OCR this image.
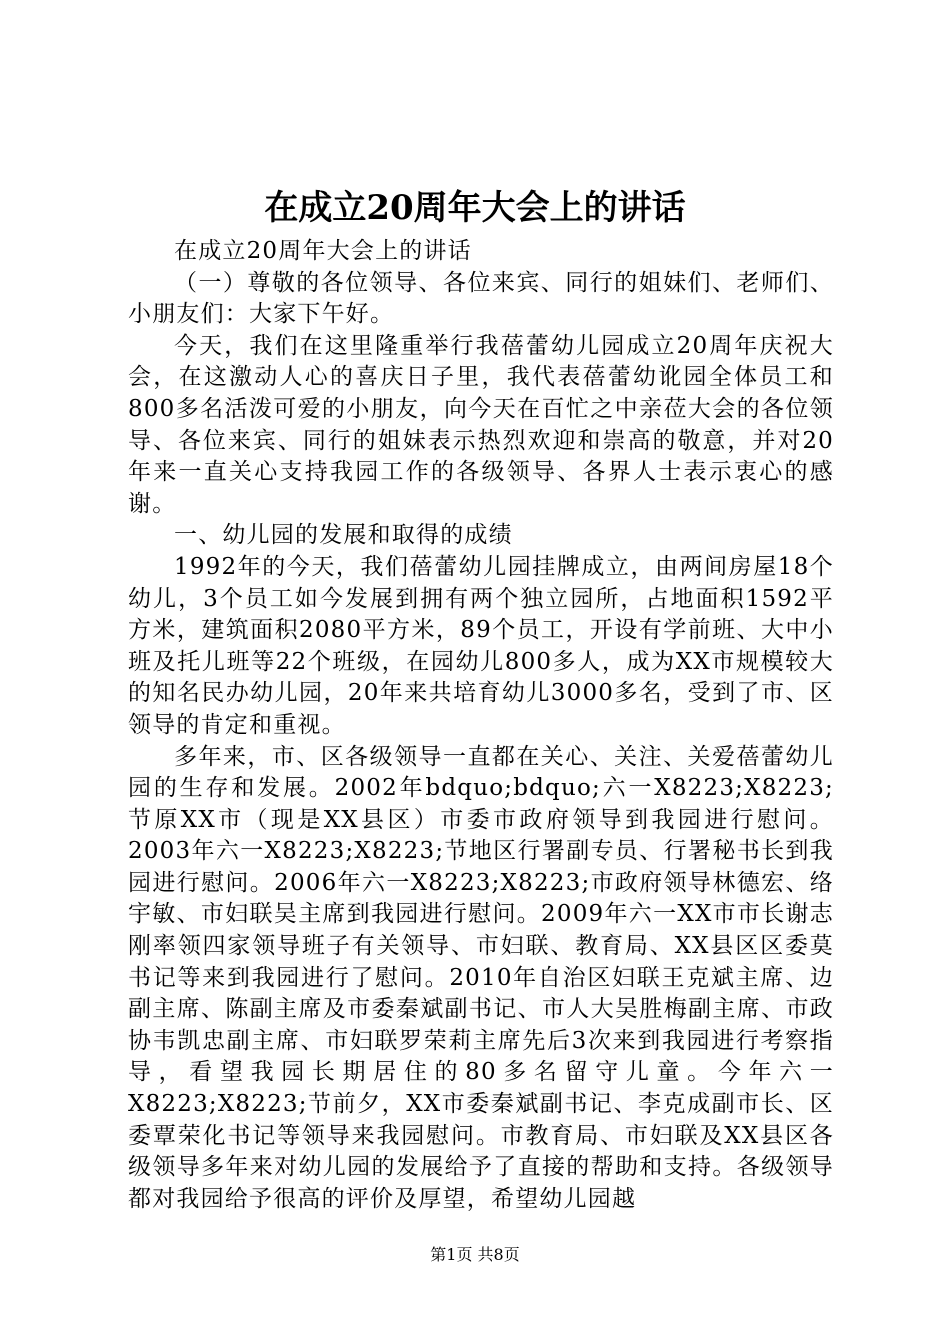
在成立20周年大会上的讲话

在成立20周年大会上的讲话

（一）尊敬的各位领导、各位来宾、同行的姐妹们、老师们、小朋友们：大家下午好。

今天，我们在这里隆重举行我蓓蕾幼儿园成立20周年庆祝大会，在这激动人心的喜庆日子里，我代表蓓蕾幼讹园全体员工和800多名活泼可爱的小朋友，向今天在百忙之中亲莅大会的各位领导、各位来宾、同行的姐妹表示热烈欢迎和崇高的敬意，并对20年来一直关心支持我园工作的各级领导、各界人士表示衷心的感谢。

一、幼儿园的发展和取得的成绩

1992年的今天，我们蓓蕾幼儿园挂牌成立，由两间房屋18个幼儿，3个员工如今发展到拥有两个独立园所，占地面积1592平方米，建筑面积2080平方米，89个员工，开设有学前班、大中小班及托儿班等22个班级，在园幼儿800多人，成为XX市规模较大的知名民办幼儿园，20年来共培育幼儿3000多名，受到了市、区领导的肯定和重视。

多年来，市、区各级领导一直都在关心、关注、关爱蓓蕾幼儿园的生存和发展。2002年bdquo;bdquo;六一X8223;X8223;节原XX市（现是XX县区）市委市政府领导到我园进行慰问。2003年六一X8223;X8223;节地区行署副专员、行署秘书长到我园进行慰问。2006年六一X8223;X8223;市政府领导林德宏、络宇敏、市妇联吴主席到我园进行慰问。2009年六一XX市市长谢志刚率领四家领导班子有关领导、市妇联、教育局、XX县区区委莫书记等来到我园进行了慰问。2010年自治区妇联王克斌主席、边副主席、陈副主席及市委秦斌副书记、市人大吴胜梅副主席、市政协韦凯忠副主席、市妇联罗荣莉主席先后3次来到我园进行考察指导，看望我园长期居住的80多名留守儿童。今年六一X8223;X8223;节前夕，XX市委秦斌副书记、李克成副市长、区委覃荣化书记等领导来我园慰问。市教育局、市妇联及XX县区各级领导多年来对幼儿园的发展给予了直接的帮助和支持。各级领导都对我园给予很高的评价及厚望，希望幼儿园越

第1页 共8页
